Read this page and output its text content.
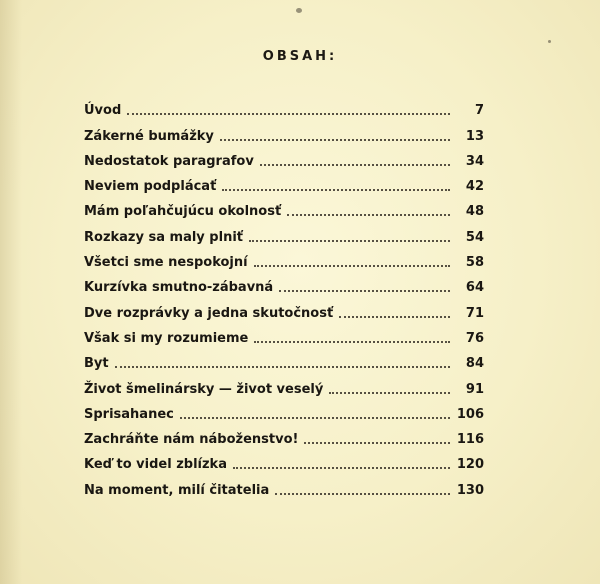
OBSAH:
Úvod	7
Zákerné bumážky	13
Nedostatok paragrafov	34
Neviem podplácať	42
Mám poľahčujúcu okolnosť	48
Rozkazy sa maly plniť	54
Všetci sme nespokojní	58
Kurzívka smutno-zábavná	64
Dve rozprávky a jedna skutočnosť	71
Však si my rozumieme	76
Byt	84
Život šmelinársky — život veselý	91
Sprisahanec	106
Zachráňte nám náboženstvo!	116
Keď to videl zblízka	120
Na moment, milí čitatelia	130
